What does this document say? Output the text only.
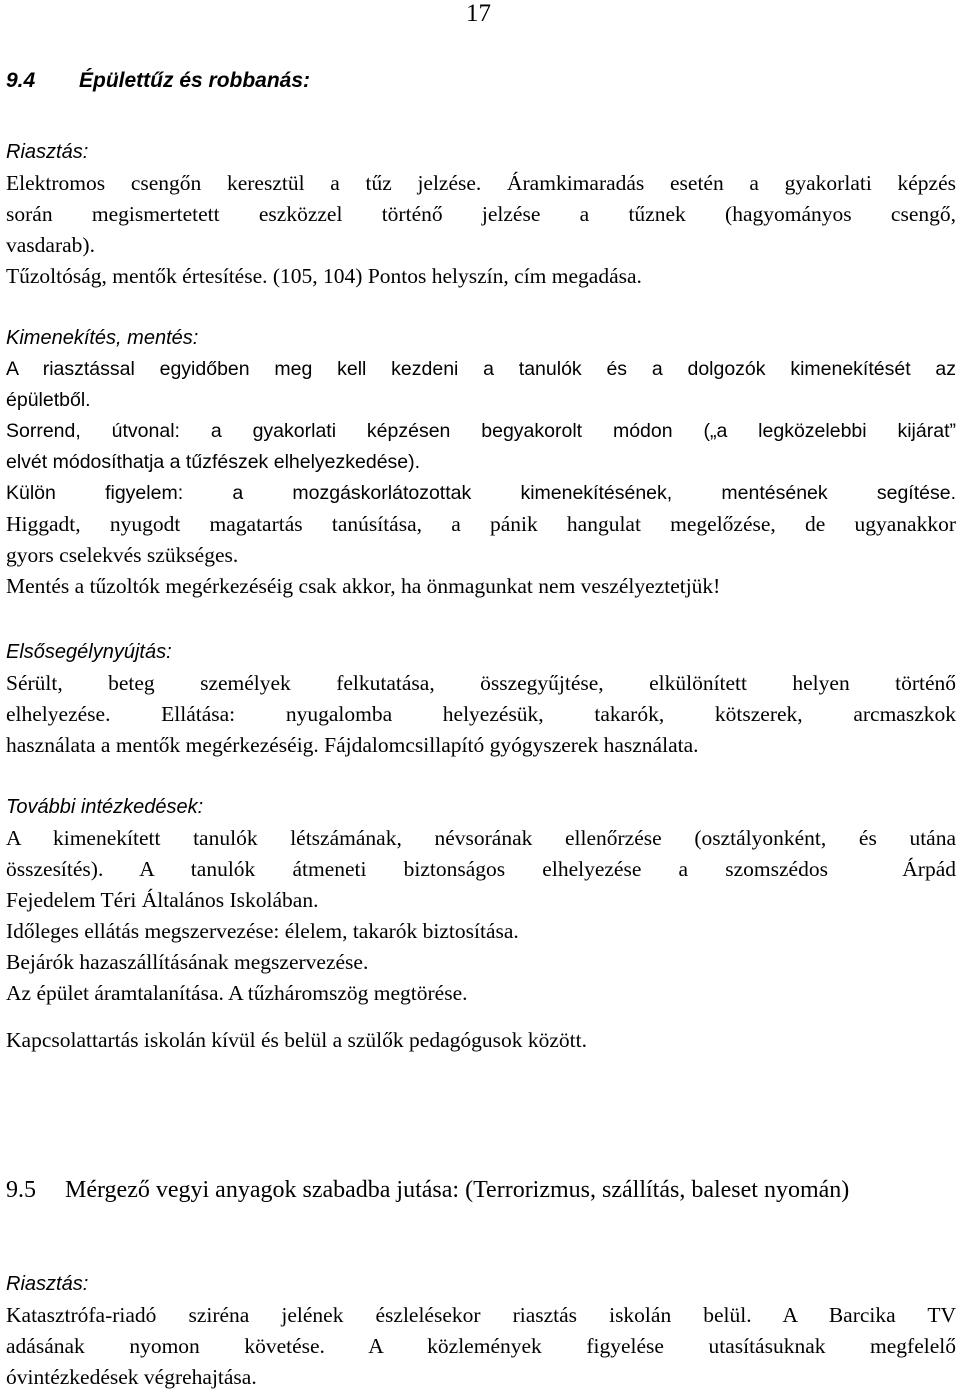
17
9.4 Épülettűz és robbanás:
Riasztás:
Elektromos csengőn keresztül a tűz jelzése. Áramkimaradás esetén a gyakorlati képzés
során megismertetett eszközzel történő jelzése a tűznek (hagyományos csengő,
vasdarab).
Tűzoltóság, mentők értesítése. (105, 104) Pontos helyszín, cím megadása.
Kimenekítés, mentés:
A riasztással egyidőben meg kell kezdeni a tanulók és a dolgozók kimenekítését az
épületből.
Sorrend, útvonal: a gyakorlati képzésen begyakorolt módon („a legközelebbi kijárat”
elvét módosíthatja a tűzfészek elhelyezkedése).
Külön figyelem: a mozgáskorlátozottak kimenekítésének, mentésének segítése.
Higgadt, nyugodt magatartás tanúsítása, a pánik hangulat megelőzése, de ugyanakkor
gyors cselekvés szükséges.
Mentés a tűzoltók megérkezéséig csak akkor, ha önmagunkat nem veszélyeztetjük!
Elsősegélynyújtás:
Sérült, beteg személyek felkutatása, összegyűjtése, elkülönített helyen történő
elhelyezése. Ellátása: nyugalomba helyezésük, takarók, kötszerek, arcmaszkok
használata a mentők megérkezéséig. Fájdalomcsillapító gyógyszerek használata.
További intézkedések:
A kimenekített tanulók létszámának, névsorának ellenőrzése (osztályonként, és utána
összesítés). A tanulók átmeneti biztonságos elhelyezése a szomszédos  Árpád
Fejedelem Téri Általános Iskolában.
Időleges ellátás megszervezése: élelem, takarók biztosítása.
Bejárók hazaszállításának megszervezése.
Az épület áramtalanítása. A tűzháromszög megtörése.
Kapcsolattartás iskolán kívül és belül a szülők pedagógusok között.
9.5 Mérgező vegyi anyagok szabadba jutása: (Terrorizmus, szállítás, baleset nyomán)
Riasztás:
Katasztrófa-riadó sziréna jelének észlelésekor riasztás iskolán belül. A Barcika TV
adásának nyomon követése. A közlemények figyelése utasításuknak megfelelő
óvintézkedések végrehajtása.
